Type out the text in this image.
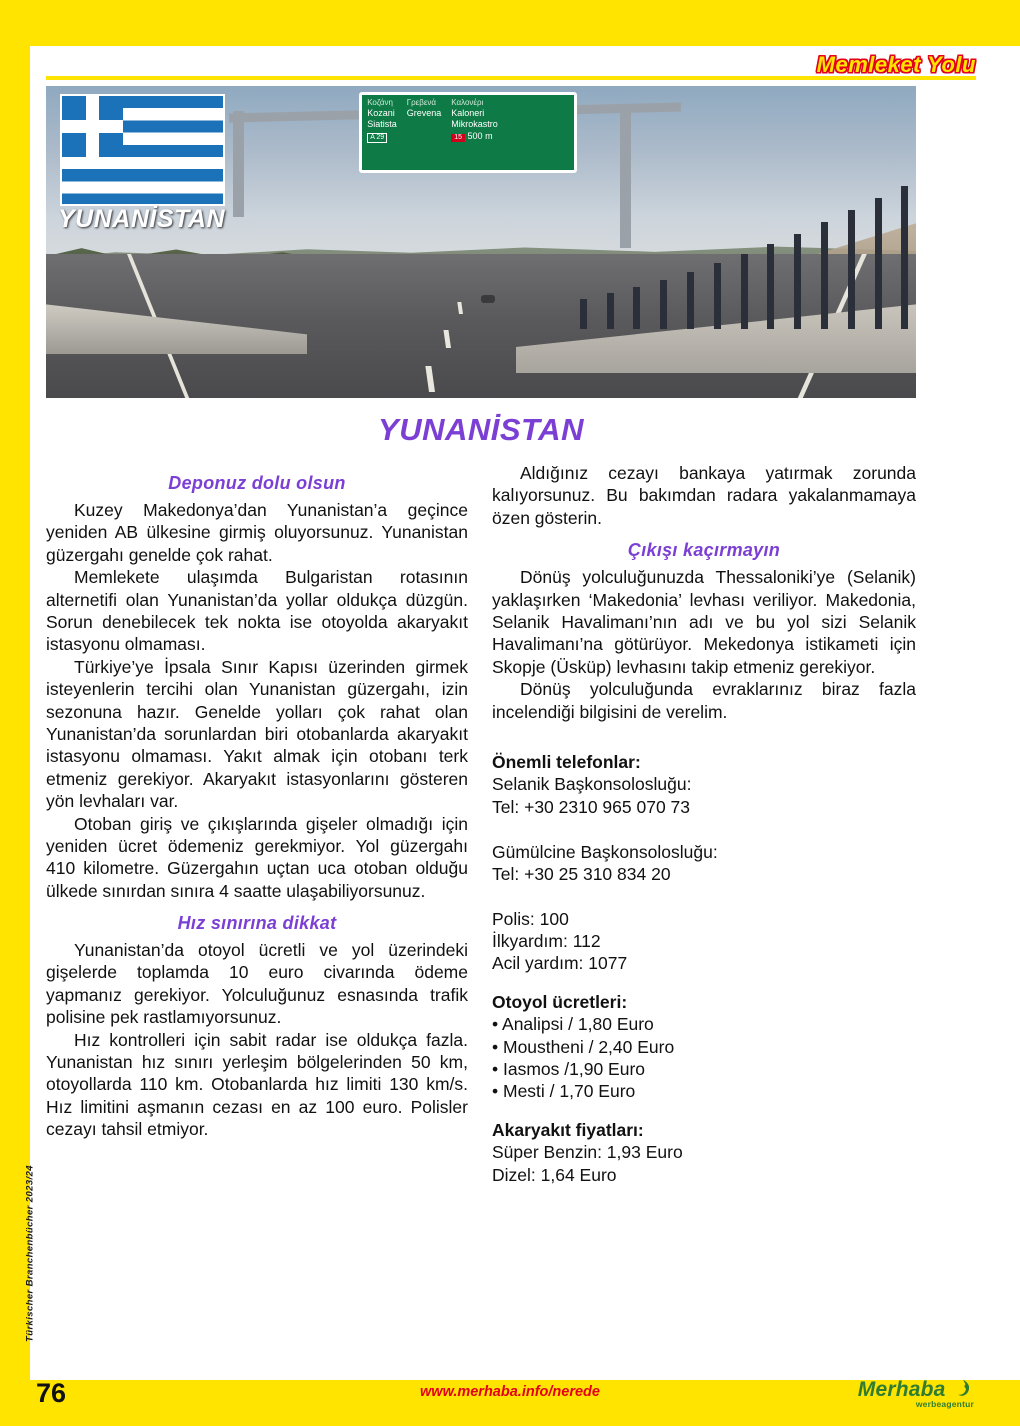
Memleket Yolu
Türkischer Branchenbücher 2023/24
Κοζάνη
Kozani
Siatista
A 29
Γρεβενά
Grevena
Καλονέρι
Kaloneri
Mikrokastro
15 500 m
YUNANİSTAN
YUNANİSTAN

Deponuz dolu olsun

Kuzey Makedonya’dan Yunanistan’a geçince yeniden AB ülkesine girmiş oluyorsunuz. Yunanistan güzergahı genelde çok rahat.

Memlekete ulaşımda Bulgaristan rotasının alternetifi olan Yunanistan’da yollar oldukça düzgün. Sorun denebilecek tek nokta ise otoyolda akaryakıt istasyonu olmaması.

Türkiye’ye İpsala Sınır Kapısı üzerinden girmek isteyenlerin tercihi olan Yunanistan güzergahı, izin sezonuna hazır. Genelde yolları çok rahat olan Yunanistan’da sorunlardan biri otobanlarda akaryakıt istasyonu olmaması. Yakıt almak için otobanı terk etmeniz gerekiyor. Akaryakıt istasyonlarını gösteren yön levhaları var.

Otoban giriş ve çıkışlarında gişeler olmadığı için yeniden ücret ödemeniz gerekmiyor. Yol güzergahı 410 kilometre. Güzergahın uçtan uca otoban olduğu ülkede sınırdan sınıra 4 saatte ulaşabiliyorsunuz.

Hız sınırına dikkat

Yunanistan’da otoyol ücretli ve yol üzerindeki gişelerde toplamda 10 euro civarında ödeme yapmanız gerekiyor. Yolculuğunuz esnasında trafik polisine pek rastlamıyorsunuz.

Hız kontrolleri için sabit radar ise oldukça fazla. Yunanistan hız sınırı yerleşim bölgelerinden 50 km, otoyollarda 110 km. Otobanlarda hız limiti 130 km/s. Hız limitini aşmanın cezası en az 100 euro. Polisler cezayı tahsil etmiyor.

Aldığınız cezayı bankaya yatırmak zorunda kalıyorsunuz. Bu bakımdan radara yakalanmamaya özen gösterin.

Çıkışı kaçırmayın

Dönüş yolculuğunuzda Thessaloniki’ye (Selanik) yaklaşırken ‘Makedonia’ levhası veriliyor. Makedonia, Selanik Havalimanı’nın adı ve bu yol sizi Selanik Havalimanı’na götürüyor. Mekedonya istikameti için Skopje (Üsküp) levhasını takip etmeniz gerekiyor.

Dönüş yolculuğunda evraklarınız biraz fazla incelendiği bilgisini de verelim.

Önemli telefonlar:

Selanik Başkonsolosluğu:

Tel: +30 2310 965 070 73

Gümülcine Başkonsolosluğu:

Tel: +30 25 310 834 20

Polis: 100

İlkyardım: 112

Acil yardım: 1077

Otoyol ücretleri:

• Analipsi / 1,80 Euro

• Moustheni / 2,40 Euro

• Iasmos /1,90 Euro

• Mesti / 1,70 Euro

Akaryakıt fiyatları:

Süper Benzin: 1,93 Euro

Dizel: 1,64 Euro

76	www.merhaba.info/nerede	Merhaba
werbeagentur
